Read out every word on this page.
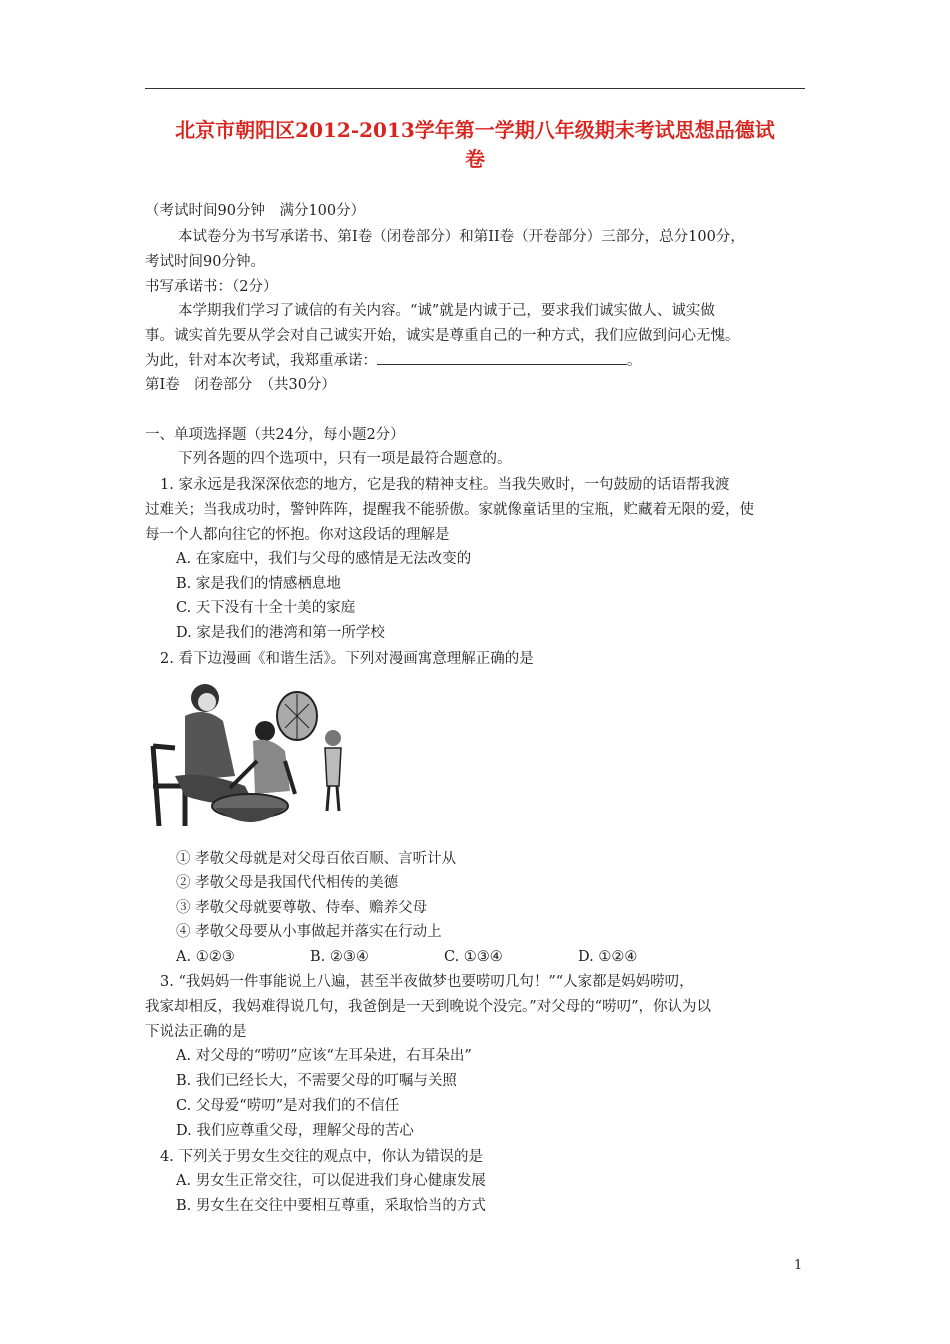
北京市朝阳区2012-2013学年第一学期八年级期末考试思想品德试
卷
（考试时间90分钟　满分100分）
本试卷分为书写承诺书、第Ⅰ卷（闭卷部分）和第II卷（开卷部分）三部分，总分100分，
考试时间90分钟。
书写承诺书：（2分）
本学期我们学习了诚信的有关内容。“诚”就是内诚于己，要求我们诚实做人、诚实做
事。诚实首先要从学会对自己诚实开始，诚实是尊重自己的一种方式，我们应做到问心无愧。
为此，针对本次考试，我郑重承诺：	。
第Ⅰ卷　闭卷部分　（共30分）
一、单项选择题（共24分，每小题2分）
下列各题的四个选项中，只有一项是最符合题意的。
1. 家永远是我深深依恋的地方，它是我的精神支柱。当我失败时，一句鼓励的话语帮我渡
过难关；当我成功时，警钟阵阵，提醒我不能骄傲。家就像童话里的宝瓶，贮藏着无限的爱，使
每一个人都向往它的怀抱。你对这段话的理解是
A. 在家庭中，我们与父母的感情是无法改变的
B. 家是我们的情感栖息地
C. 天下没有十全十美的家庭
D. 家是我们的港湾和第一所学校
2. 看下边漫画《和谐生活》。下列对漫画寓意理解正确的是
① 孝敬父母就是对父母百依百顺、言听计从
② 孝敬父母是我国代代相传的美德
③ 孝敬父母就要尊敬、侍奉、赡养父母
④ 孝敬父母要从小事做起并落实在行动上
A. ①②③	B. ②③④	C. ①③④	D. ①②④
3. “我妈妈一件事能说上八遍，甚至半夜做梦也要唠叨几句！”“人家都是妈妈唠叨，
我家却相反，我妈难得说几句，我爸倒是一天到晚说个没完。”对父母的“唠叨”，你认为以
下说法正确的是
A. 对父母的“唠叨”应该“左耳朵进，右耳朵出”
B. 我们已经长大，不需要父母的叮嘱与关照
C. 父母爱“唠叨”是对我们的不信任
D. 我们应尊重父母，理解父母的苦心
4. 下列关于男女生交往的观点中，你认为错误的是
A. 男女生正常交往，可以促进我们身心健康发展
B. 男女生在交往中要相互尊重，采取恰当的方式
1
